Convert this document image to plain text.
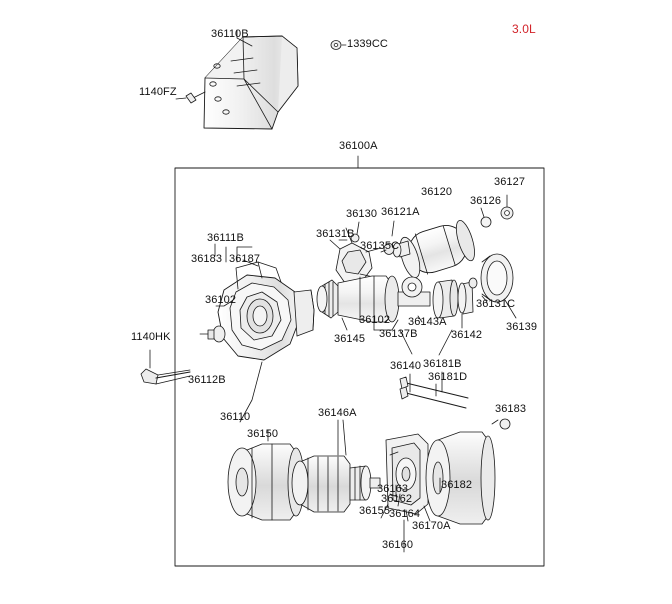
3.0L
36110B
1339CC
1140FZ
36100A
36127
36120
36126
36130 36121A
36131B
36135C
36111B
36183 36187
36131C
36139
36102
36102 36143A
36137B	36142
36145
1140HK
36140 36181B
36181D
36112B
36110	36146A	36183
36150
36182
36163
36162
36155
36164
36170A
36160
